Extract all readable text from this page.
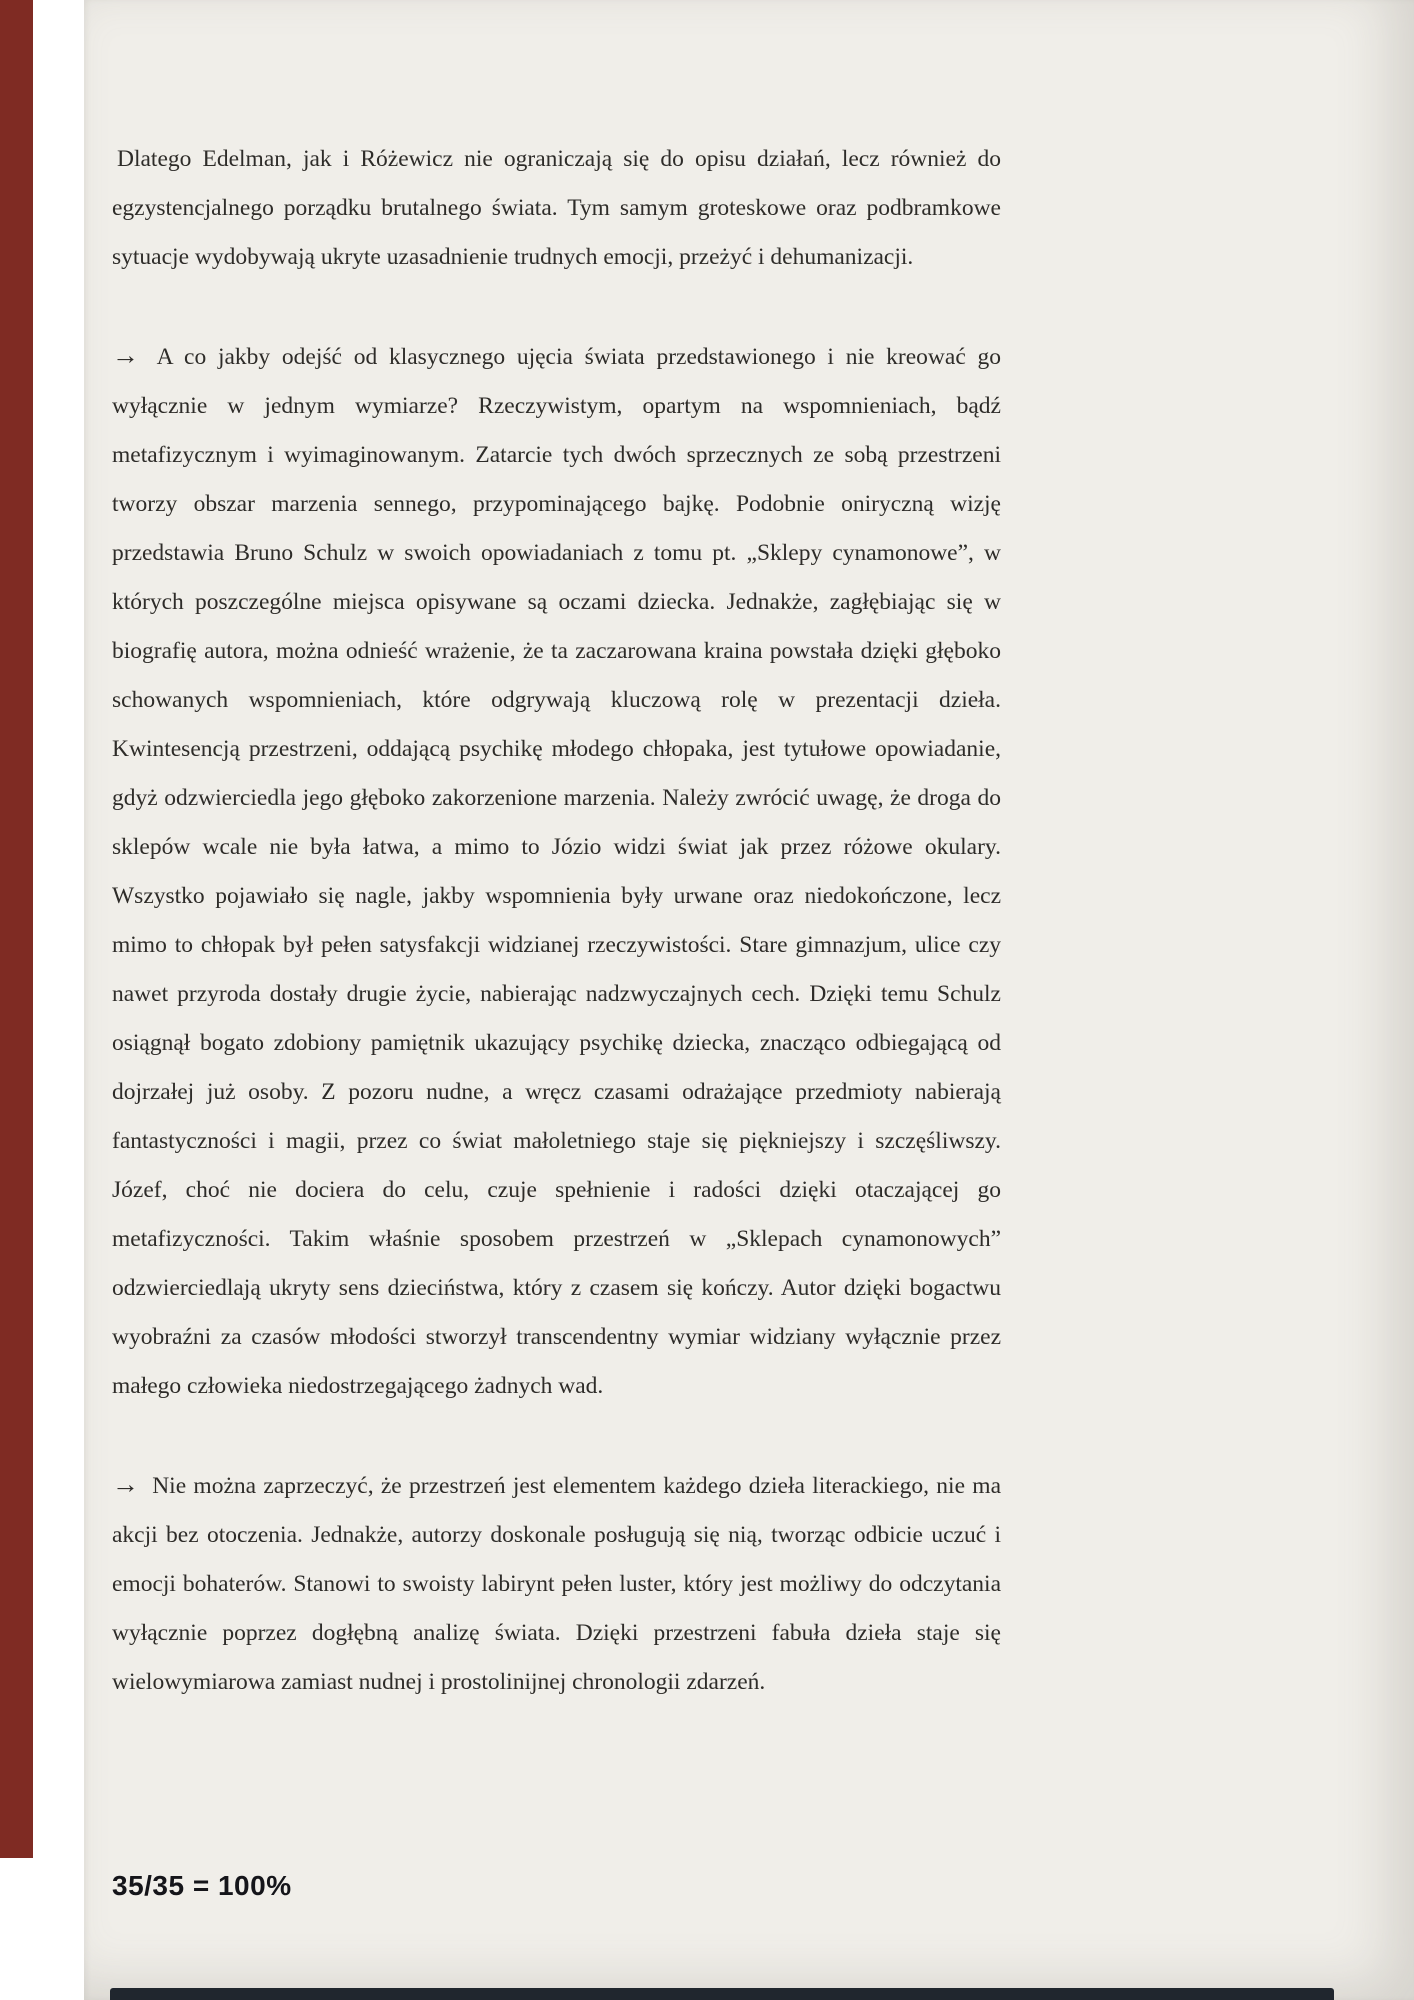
Dlatego Edelman, jak i Różewicz nie ograniczają się do opisu działań, lecz również do egzystencjalnego porządku brutalnego świata. Tym samym groteskowe oraz podbramkowe sytuacje wydobywają ukryte uzasadnienie trudnych emocji, przeżyć i dehumanizacji.

→ A co jakby odejść od klasycznego ujęcia świata przedstawionego i nie kreować go wyłącznie w jednym wymiarze? Rzeczywistym, opartym na wspomnieniach, bądź metafizycznym i wyimaginowanym. Zatarcie tych dwóch sprzecznych ze sobą przestrzeni tworzy obszar marzenia sennego, przypominającego bajkę. Podobnie oniryczną wizję przedstawia Bruno Schulz w swoich opowiadaniach z tomu pt. „Sklepy cynamonowe”, w których poszczególne miejsca opisywane są oczami dziecka. Jednakże, zagłębiając się w biografię autora, można odnieść wrażenie, że ta zaczarowana kraina powstała dzięki głęboko schowanych wspomnieniach, które odgrywają kluczową rolę w prezentacji dzieła. Kwintesencją przestrzeni, oddającą psychikę młodego chłopaka, jest tytułowe opowiadanie, gdyż odzwierciedla jego głęboko zakorzenione marzenia. Należy zwrócić uwagę, że droga do sklepów wcale nie była łatwa, a mimo to Józio widzi świat jak przez różowe okulary. Wszystko pojawiało się nagle, jakby wspomnienia były urwane oraz niedokończone, lecz mimo to chłopak był pełen satysfakcji widzianej rzeczywistości. Stare gimnazjum, ulice czy nawet przyroda dostały drugie życie, nabierając nadzwyczajnych cech. Dzięki temu Schulz osiągnął bogato zdobiony pamiętnik ukazujący psychikę dziecka, znacząco odbiegającą od dojrzałej już osoby. Z pozoru nudne, a wręcz czasami odrażające przedmioty nabierają fantastyczności i magii, przez co świat małoletniego staje się piękniejszy i szczęśliwszy. Józef, choć nie dociera do celu, czuje spełnienie i radości dzięki otaczającej go metafizyczności. Takim właśnie sposobem przestrzeń w „Sklepach cynamonowych” odzwierciedlają ukryty sens dzieciństwa, który z czasem się kończy. Autor dzięki bogactwu wyobraźni za czasów młodości stworzył transcendentny wymiar widziany wyłącznie przez małego człowieka niedostrzegającego żadnych wad.

→ Nie można zaprzeczyć, że przestrzeń jest elementem każdego dzieła literackiego, nie ma akcji bez otoczenia. Jednakże, autorzy doskonale posługują się nią, tworząc odbicie uczuć i emocji bohaterów. Stanowi to swoisty labirynt pełen luster, który jest możliwy do odczytania wyłącznie poprzez dogłębną analizę świata. Dzięki przestrzeni fabuła dzieła staje się wielowymiarowa zamiast nudnej i prostolinijnej chronologii zdarzeń.

35/35 = 100%
